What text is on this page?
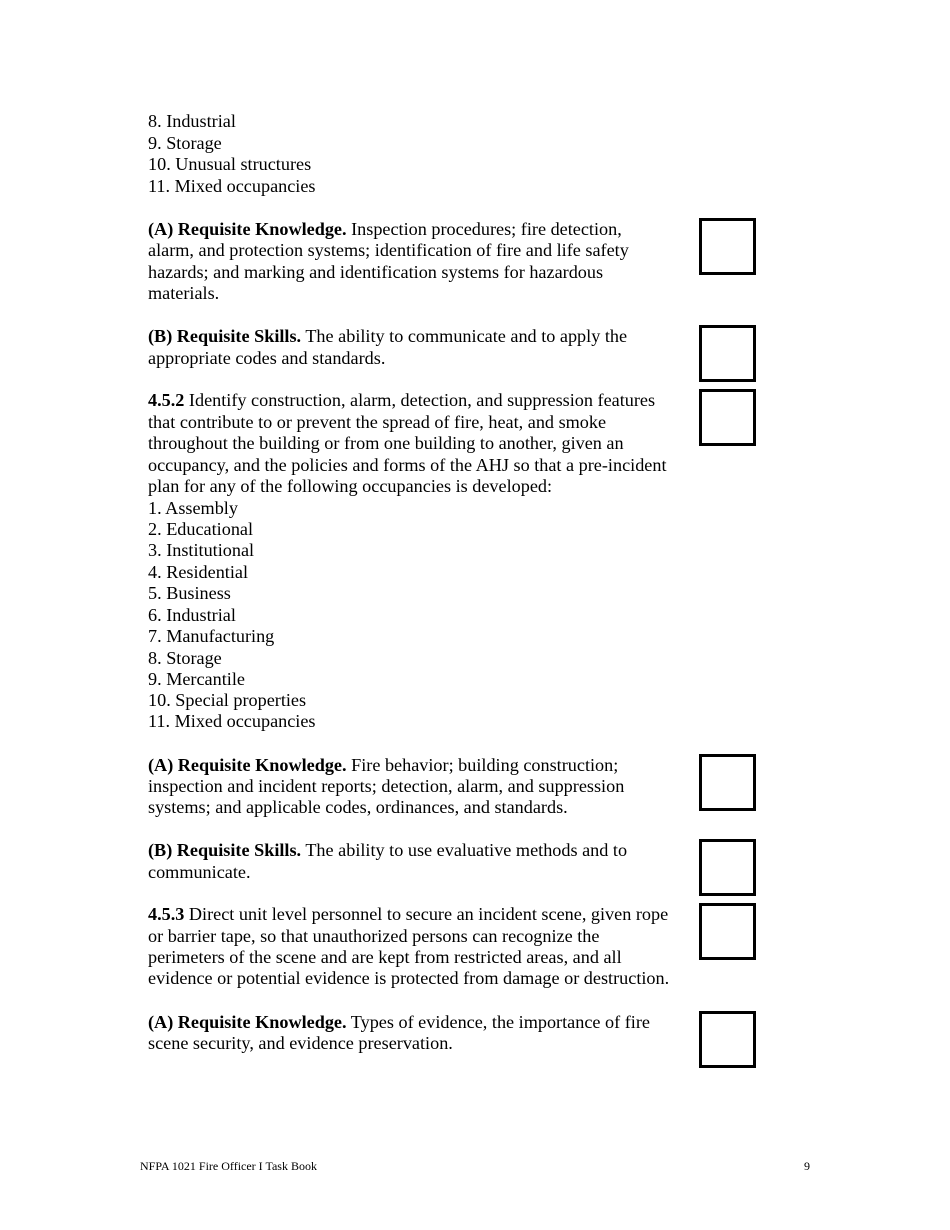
8. Industrial
9. Storage
10. Unusual structures
11. Mixed occupancies
(A) Requisite Knowledge. Inspection procedures; fire detection,
alarm, and protection systems; identification of fire and life safety
hazards; and marking and identification systems for hazardous
materials.
(B) Requisite Skills. The ability to communicate and to apply the
appropriate codes and standards.
4.5.2 Identify construction, alarm, detection, and suppression features
that contribute to or prevent the spread of fire, heat, and smoke
throughout the building or from one building to another, given an
occupancy, and the policies and forms of the AHJ so that a pre-incident
plan for any of the following occupancies is developed:
1. Assembly
2. Educational
3. Institutional
4. Residential
5. Business
6. Industrial
7. Manufacturing
8. Storage
9. Mercantile
10. Special properties
11. Mixed occupancies
(A) Requisite Knowledge. Fire behavior; building construction;
inspection and incident reports; detection, alarm, and suppression
systems; and applicable codes, ordinances, and standards.
(B) Requisite Skills. The ability to use evaluative methods and to
communicate.
4.5.3 Direct unit level personnel to secure an incident scene, given rope
or barrier tape, so that unauthorized persons can recognize the
perimeters of the scene and are kept from restricted areas, and all
evidence or potential evidence is protected from damage or destruction.
(A) Requisite Knowledge. Types of evidence, the importance of fire
scene security, and evidence preservation.
NFPA 1021 Fire Officer I Task Book	9
